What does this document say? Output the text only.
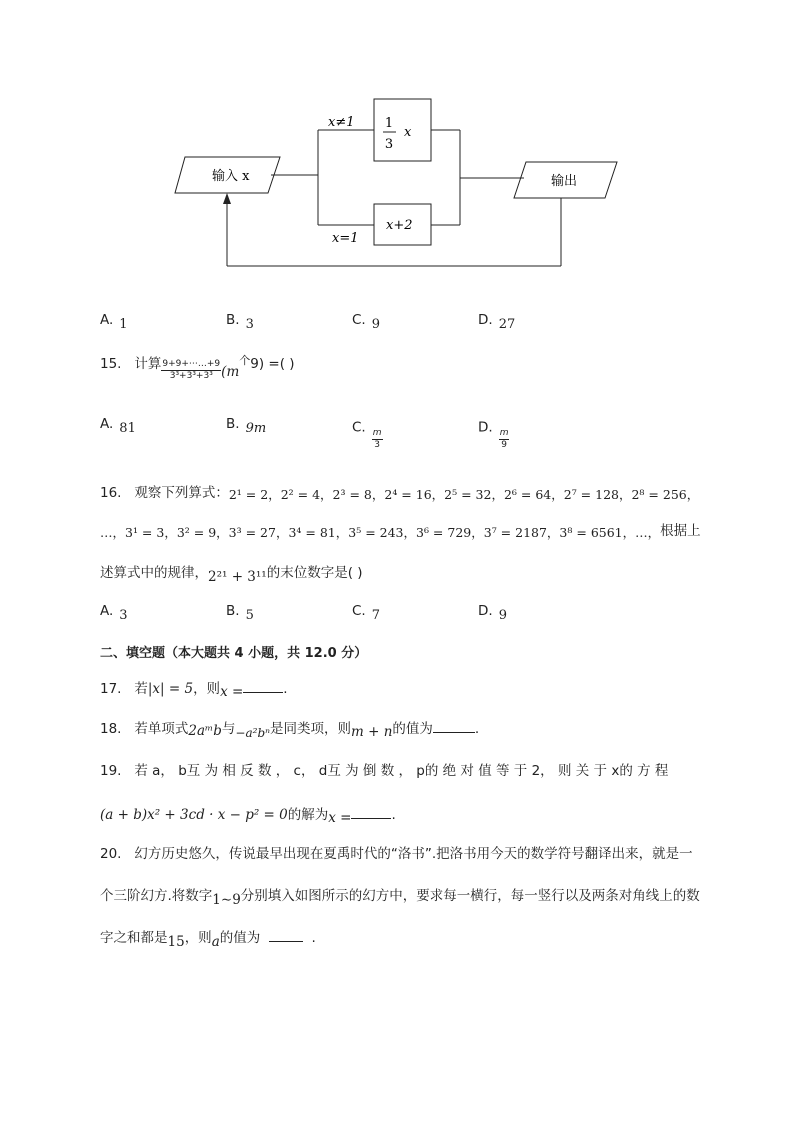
输入 x
x≠1
x=1
1
3
x
x+2
输出
A. 1	B. 3	C. 9	D. 27
15. 计算 $\frac{9+9+\cdots\dots+9}{\text{3³+3³+3³}} (m^个9)$ =( )
A. 81	B. 9m	C.
$\frac{m}{3}$
D.
$\frac{m}{9}$
16. 观察下列算式：2¹ = 2，2² = 4，2³ = 8，2⁴ = 16，2⁵ = 32，2⁶ = 64，2⁷ = 128，2⁸ = 256，
…，3¹ = 3，3² = 9，3³ = 27，3⁴ = 81，3⁵ = 243，3⁶ = 729，3⁷ = 2187，3⁸ = 6561，…，根据上
述算式中的规律，2²¹ + 3¹¹的末位数字是( )
A. 3	B. 5	C. 7	D. 9
二、填空题（本大题共 4 小题，共 12.0 分）
17. 若|x| = 5，则x =	.
18. 若单项式2aᵐb与−a²bⁿ是同类项，则m + n的值为	.
19. 若 a， b互 为 相 反 数 ， c， d互 为 倒 数 ， p的 绝 对 值 等 于 2， 则 关 于 x的 方 程
(a + b)x² + 3cd · x − p² = 0的解为x =	.
20. 幻方历史悠久，传说最早出现在夏禹时代的“洛书”.把洛书用今天的数学符号翻译出来，就是一
个三阶幻方.将数字1∼9分别填入如图所示的幻方中，要求每一横行，每一竖行以及两条对角线上的数
字之和都是15，则a的值为	.
